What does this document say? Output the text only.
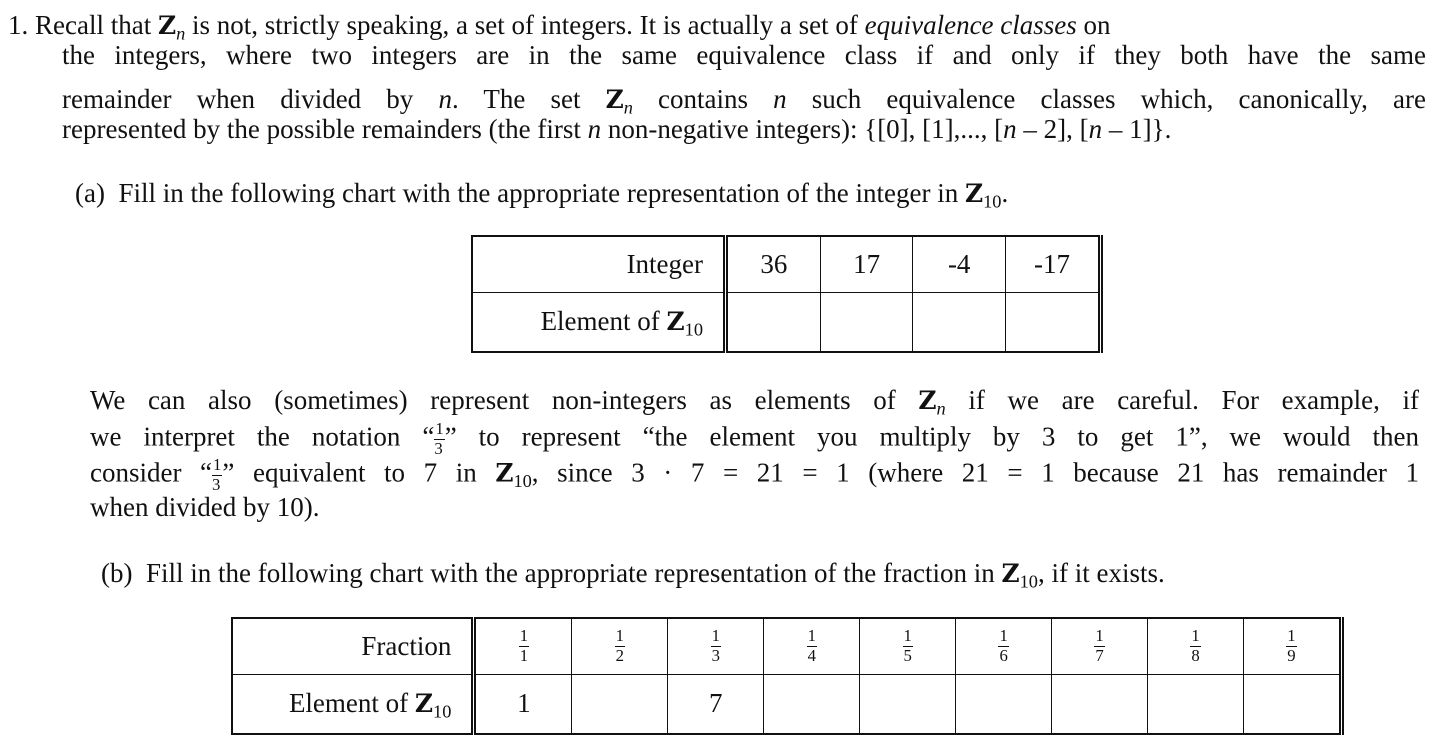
1. Recall that $Z_n$ is not, strictly speaking, a set of integers. It is actually a set of equivalence classes on
the integers, where two integers are in the same equivalence class if and only if they both have the same
remainder when divided by n. The set $Z_n$ contains n such equivalence classes which, canonically, are
represented by the possible remainders (the first n non-negative integers): {[0], [1],..., [n – 2], [n – 1]}.
(a) Fill in the following chart with the appropriate representation of the integer in $Z_{10}$.
Integer	36	17	-4	-17
Element of $Z_{10}$				
We can also (sometimes) represent non-integers as elements of $Z_n$ if we are careful. For example, if
we interpret the notation “ $\frac{1}{3}$ ” to represent “the element you multiply by 3 to get 1”, we would then
consider “ $\frac{1}{3}$ ” equivalent to 7 in $Z_{10}$, since 3 · 7 = 21 = 1 (where 21 = 1 because 21 has remainder 1
when divided by 10).
(b) Fill in the following chart with the appropriate representation of the fraction in $Z_{10}$, if it exists.
Fraction	$\frac{1}{1}$	$\frac{1}{2}$	$\frac{1}{3}$	$\frac{1}{4}$	$\frac{1}{5}$	$\frac{1}{6}$	$\frac{1}{7}$	$\frac{1}{8}$	$\frac{1}{9}$

Element of $Z_{10}$	1		7						
